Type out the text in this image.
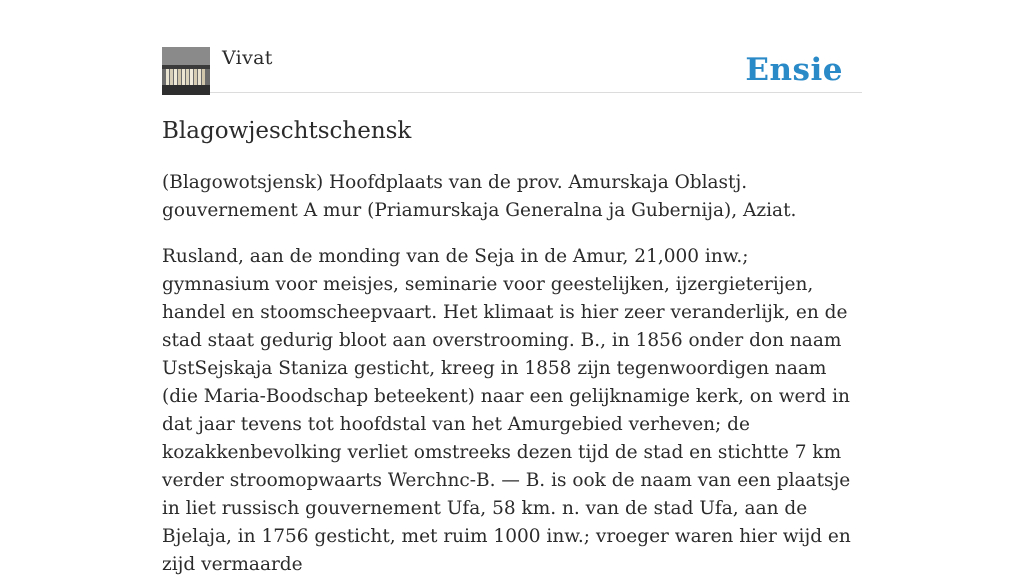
Vivat	Ensie
Blagowjeschtschensk

(Blagowotsjensk) Hoofdplaats van de prov. Amurskaja Oblastj. gouvernement A mur (Priamurskaja Generalna ja Gubernija), Aziat.

Rusland, aan de monding van de Seja in de Amur, 21,000 inw.; gymnasium voor meisjes, seminarie voor geestelijken, ijzergieterijen, handel en stoomscheepvaart. Het klimaat is hier zeer veranderlijk, en de stad staat gedurig bloot aan overstrooming. B., in 1856 onder don naam UstSejskaja Staniza gesticht, kreeg in 1858 zijn tegenwoordigen naam (die Maria-Boodschap beteekent) naar een gelijknamige kerk, on werd in dat jaar tevens tot hoofdstal van het Amurgebied verheven; de kozakkenbevolking verliet omstreeks dezen tijd de stad en stichtte 7 km verder stroomopwaarts Werchnc-B. — B. is ook de naam van een plaatsje in liet russisch gouvernement Ufa, 58 km. n. van de stad Ufa, aan de Bjelaja, in 1756 gesticht, met ruim 1000 inw.; vroeger waren hier wijd en zijd vermaarde
